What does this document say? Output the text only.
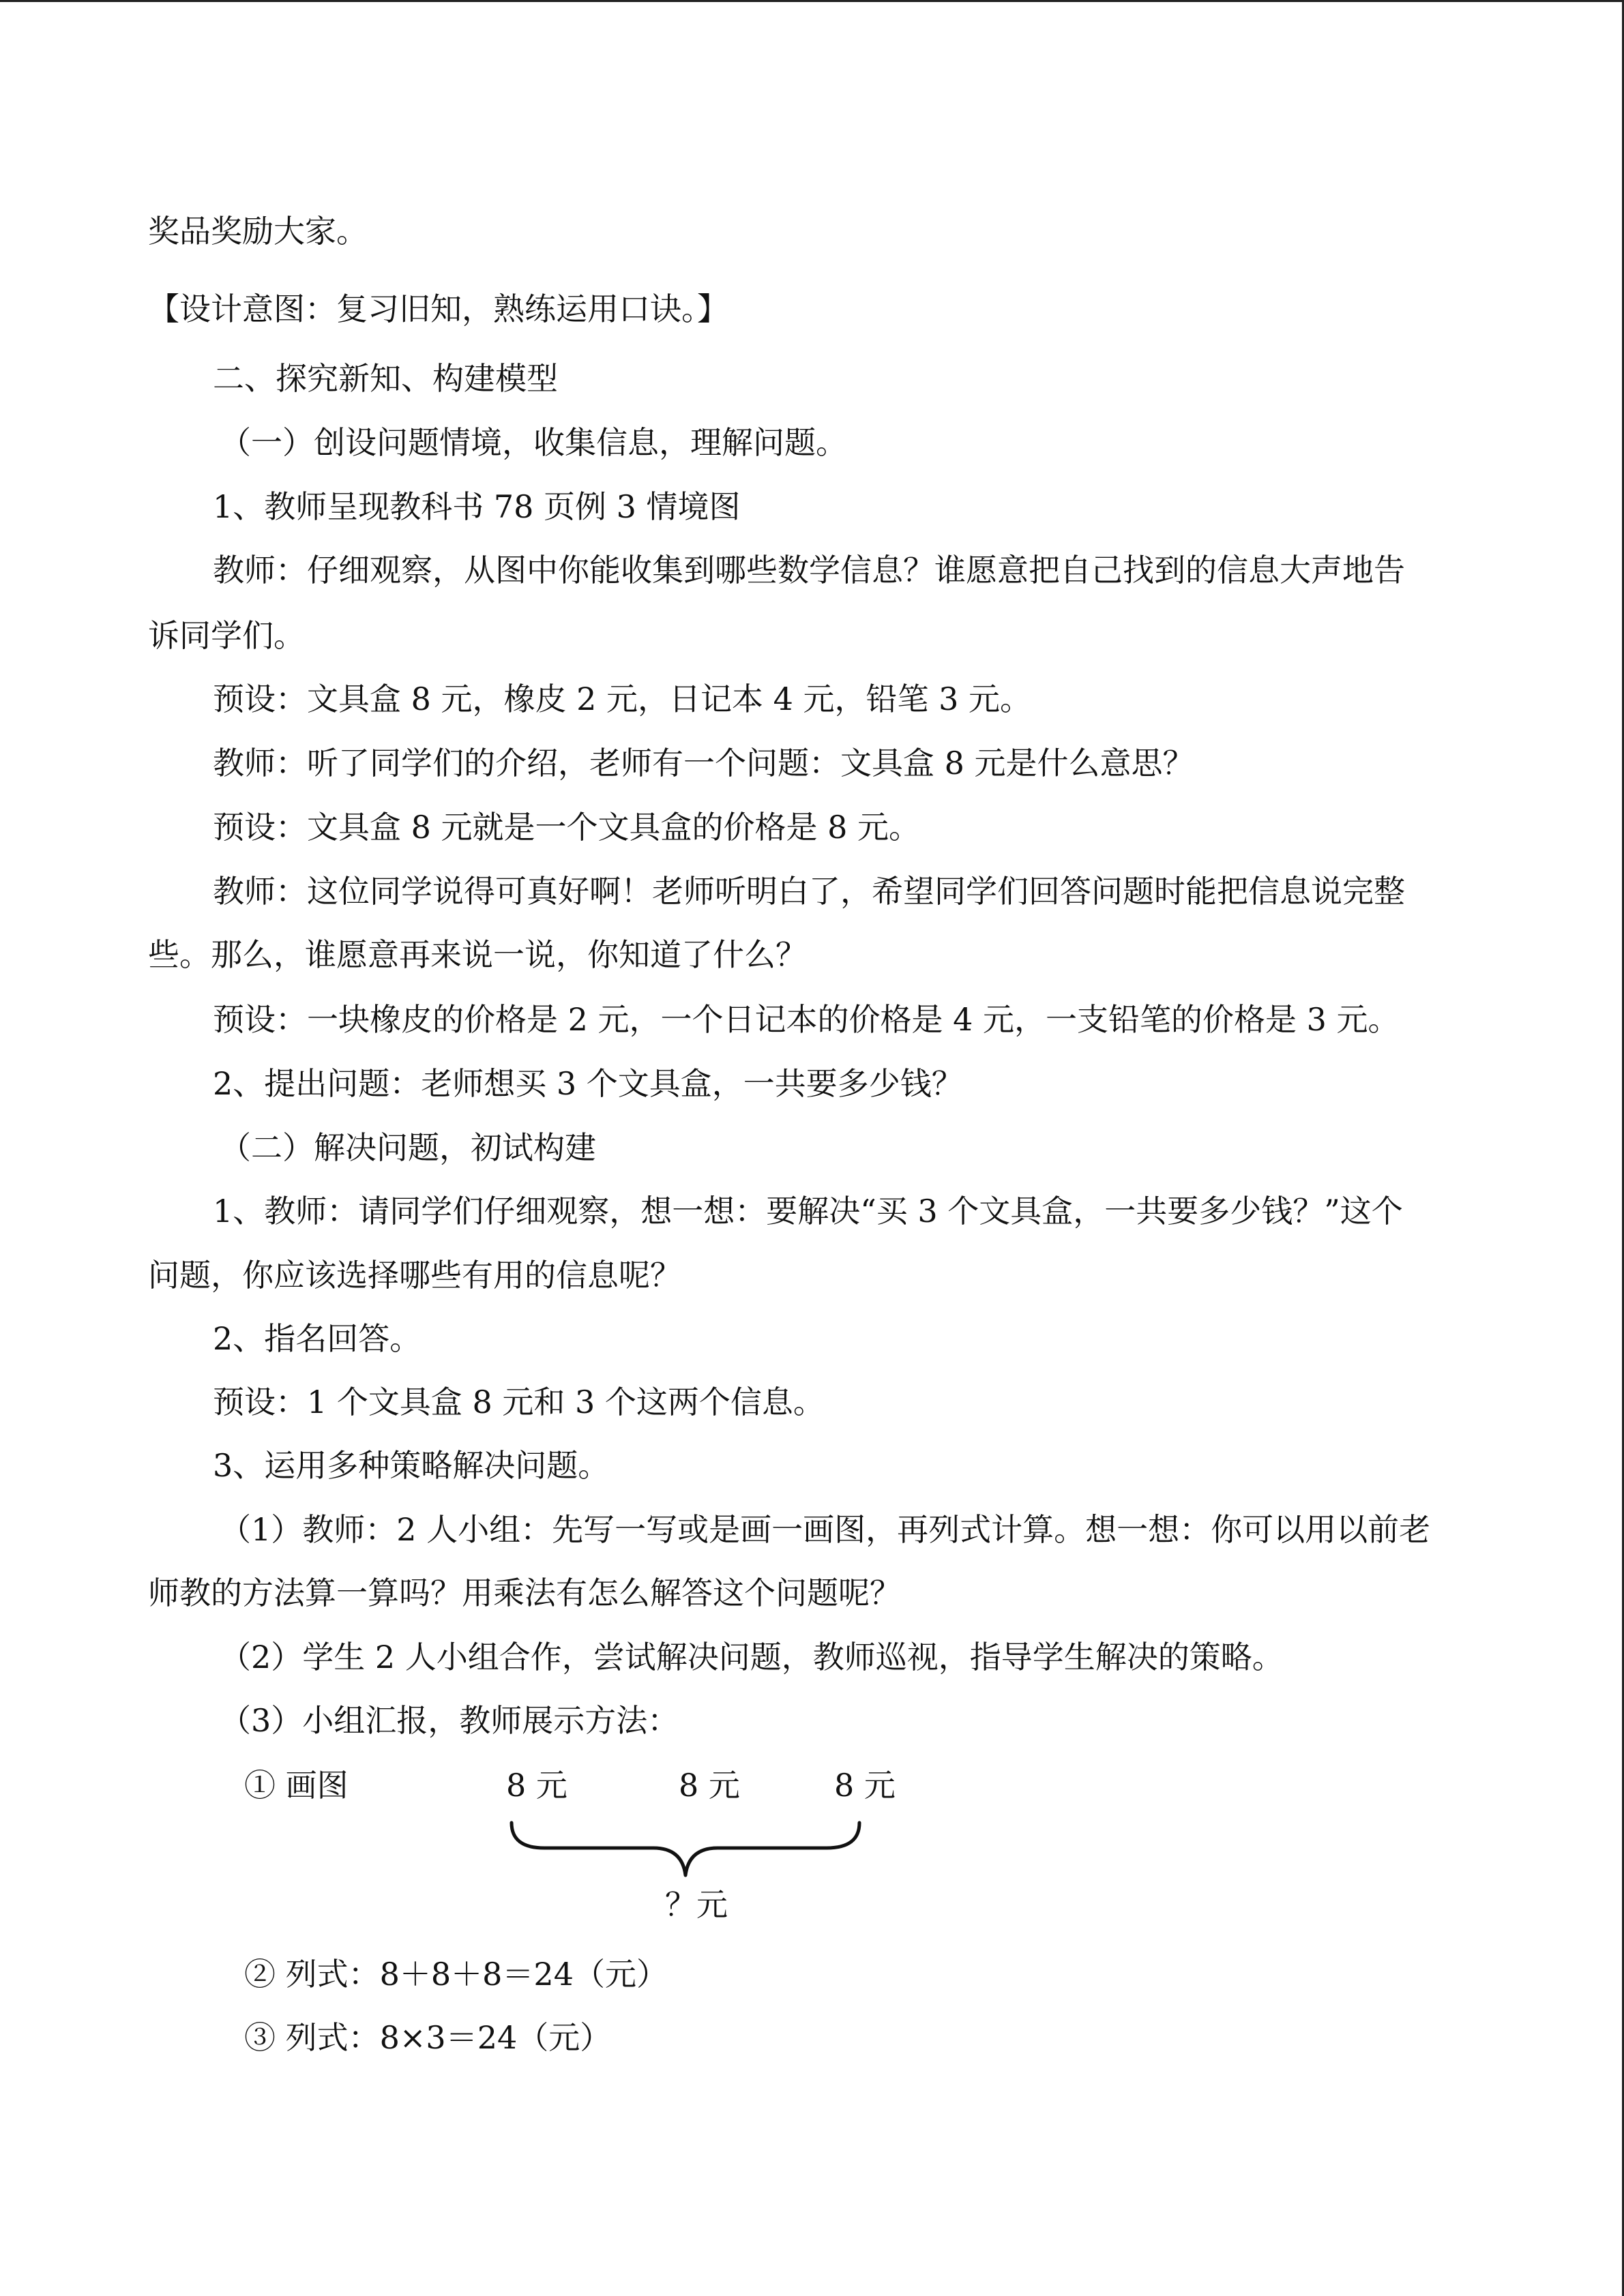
奖品奖励大家。
【设计意图：复习旧知，熟练运用口诀。】
二、探究新知、构建模型
（一）创设问题情境，收集信息，理解问题。
1、教师呈现教科书 78 页例 3 情境图
教师：仔细观察，从图中你能收集到哪些数学信息？谁愿意把自己找到的信息大声地告
诉同学们。
预设：文具盒 8 元，橡皮 2 元，日记本 4 元，铅笔 3 元。
教师：听了同学们的介绍，老师有一个问题：文具盒 8 元是什么意思？
预设：文具盒 8 元就是一个文具盒的价格是 8 元。
教师：这位同学说得可真好啊！老师听明白了，希望同学们回答问题时能把信息说完整
些。那么，谁愿意再来说一说，你知道了什么？
预设：一块橡皮的价格是 2 元，一个日记本的价格是 4 元，一支铅笔的价格是 3 元。
2、提出问题：老师想买 3 个文具盒，一共要多少钱？
（二）解决问题，初试构建
1、教师：请同学们仔细观察，想一想：要解决“买 3 个文具盒，一共要多少钱？”这个
问题，你应该选择哪些有用的信息呢？
2、指名回答。
预设：1 个文具盒 8 元和 3 个这两个信息。
3、运用多种策略解决问题。
（1）教师：2 人小组：先写一写或是画一画图，再列式计算。想一想：你可以用以前老
师教的方法算一算吗？用乘法有怎么解答这个问题呢？
（2）学生 2 人小组合作，尝试解决问题，教师巡视，指导学生解决的策略。
（3）小组汇报，教师展示方法：
① 画图	8 元	8 元	8 元
？元
② 列式：8＋8＋8＝24（元）
③ 列式：8×3＝24（元）
